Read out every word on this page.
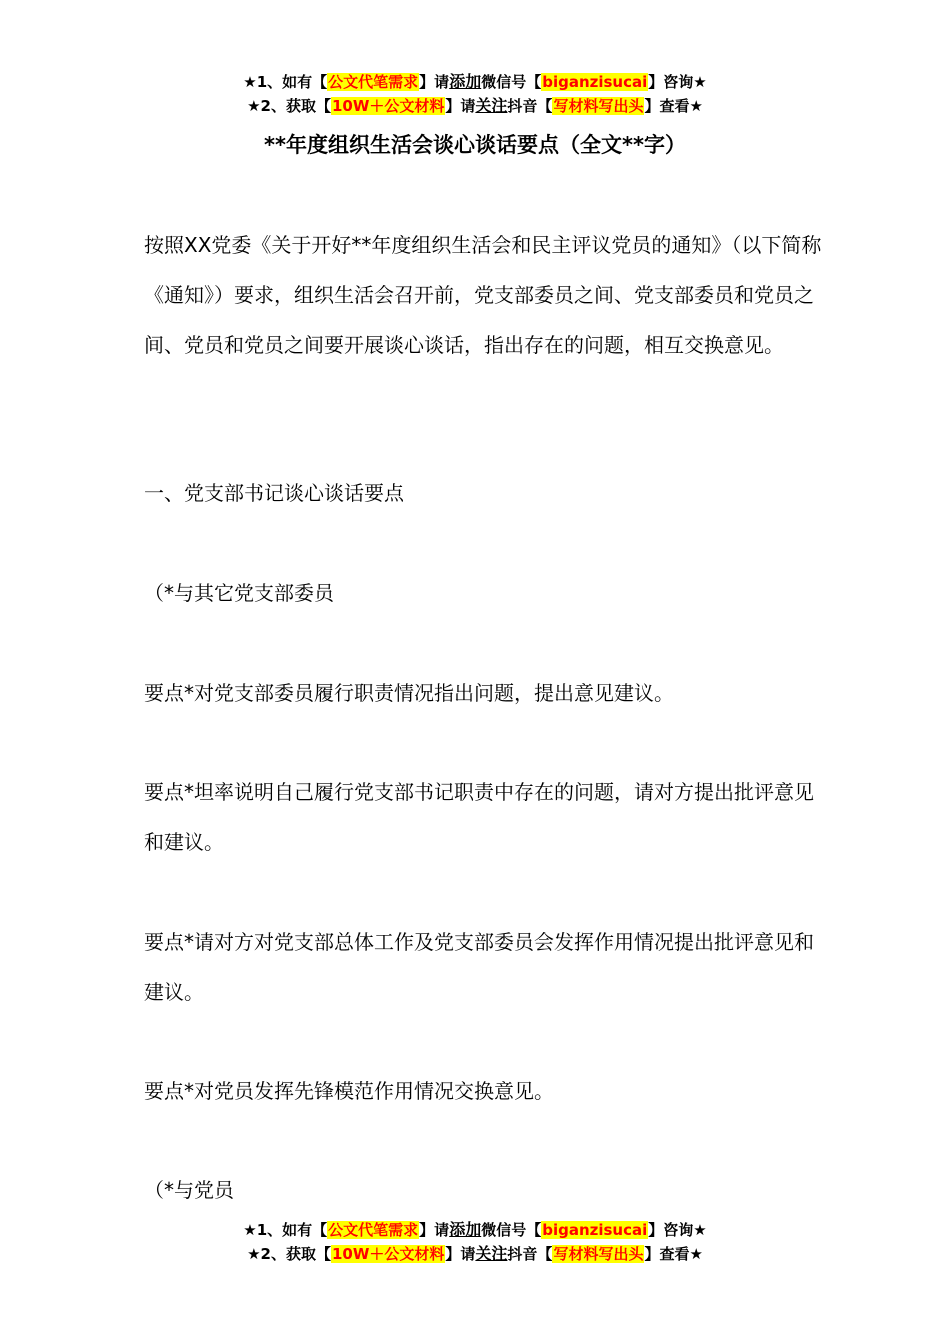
★1、如有【公文代笔需求】请添加微信号【biganzisucai】咨询★
★2、获取【10W＋公文材料】请关注抖音【写材料写出头】查看★
**年度组织生活会谈心谈话要点（全文**字）

按照XX党委《关于开好**年度组织生活会和民主评议党员的通知》（以下简称《通知》）要求，组织生活会召开前，党支部委员之间、党支部委员和党员之间、党员和党员之间要开展谈心谈话，指出存在的问题，相互交换意见。

一、党支部书记谈心谈话要点

（*与其它党支部委员

要点*对党支部委员履行职责情况指出问题，提出意见建议。

要点*坦率说明自己履行党支部书记职责中存在的问题，请对方提出批评意见和建议。

要点*请对方对党支部总体工作及党支部委员会发挥作用情况提出批评意见和建议。

要点*对党员发挥先锋模范作用情况交换意见。

（*与党员

★1、如有【公文代笔需求】请添加微信号【biganzisucai】咨询★
★2、获取【10W＋公文材料】请关注抖音【写材料写出头】查看★
